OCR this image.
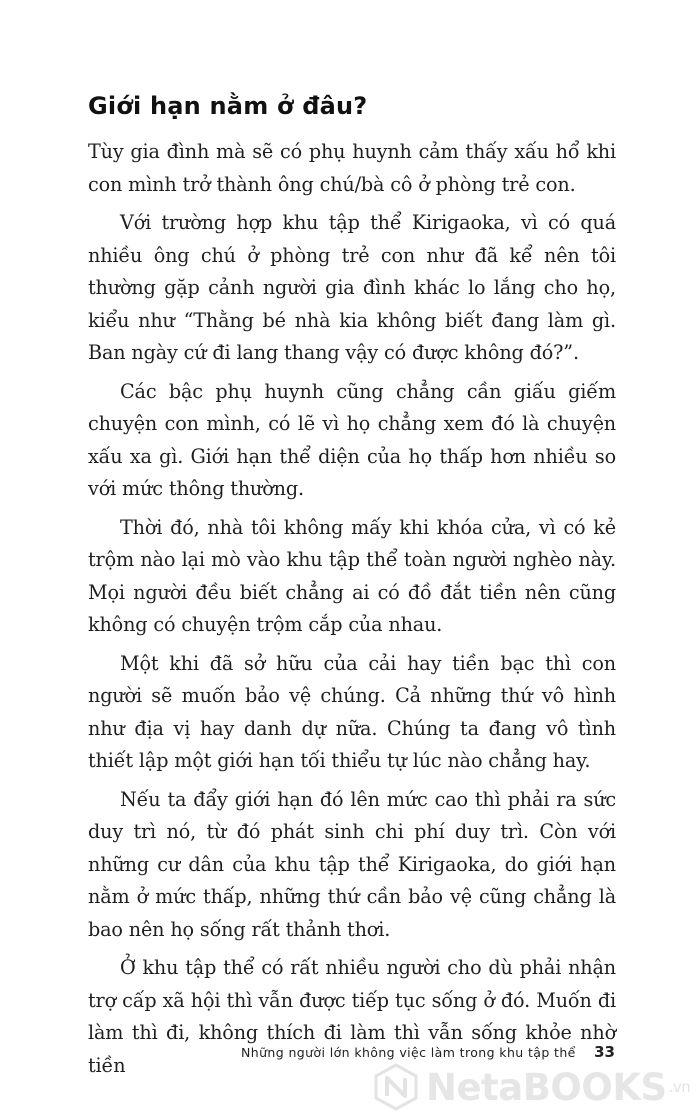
Giới hạn nằm ở đâu?

Tùy gia đình mà sẽ có phụ huynh cảm thấy xấu hổ khi con mình trở thành ông chú/bà cô ở phòng trẻ con.

Với trường hợp khu tập thể Kirigaoka, vì có quá nhiều ông chú ở phòng trẻ con như đã kể nên tôi thường gặp cảnh người gia đình khác lo lắng cho họ, kiểu như “Thằng bé nhà kia không biết đang làm gì. Ban ngày cứ đi lang thang vậy có được không đó?”.

Các bậc phụ huynh cũng chẳng cần giấu giếm chuyện con mình, có lẽ vì họ chẳng xem đó là chuyện xấu xa gì. Giới hạn thể diện của họ thấp hơn nhiều so với mức thông thường.

Thời đó, nhà tôi không mấy khi khóa cửa, vì có kẻ trộm nào lại mò vào khu tập thể toàn người nghèo này. Mọi người đều biết chẳng ai có đồ đắt tiền nên cũng không có chuyện trộm cắp của nhau.

Một khi đã sở hữu của cải hay tiền bạc thì con người sẽ muốn bảo vệ chúng. Cả những thứ vô hình như địa vị hay danh dự nữa. Chúng ta đang vô tình thiết lập một giới hạn tối thiểu tự lúc nào chẳng hay.

Nếu ta đẩy giới hạn đó lên mức cao thì phải ra sức duy trì nó, từ đó phát sinh chi phí duy trì. Còn với những cư dân của khu tập thể Kirigaoka, do giới hạn nằm ở mức thấp, những thứ cần bảo vệ cũng chẳng là bao nên họ sống rất thảnh thơi.

Ở khu tập thể có rất nhiều người cho dù phải nhận trợ cấp xã hội thì vẫn được tiếp tục sống ở đó. Muốn đi làm thì đi, không thích đi làm thì vẫn sống khỏe nhờ tiền

Những người lớn không việc làm trong khu tập thể 33
NetaBOOKS .vn
